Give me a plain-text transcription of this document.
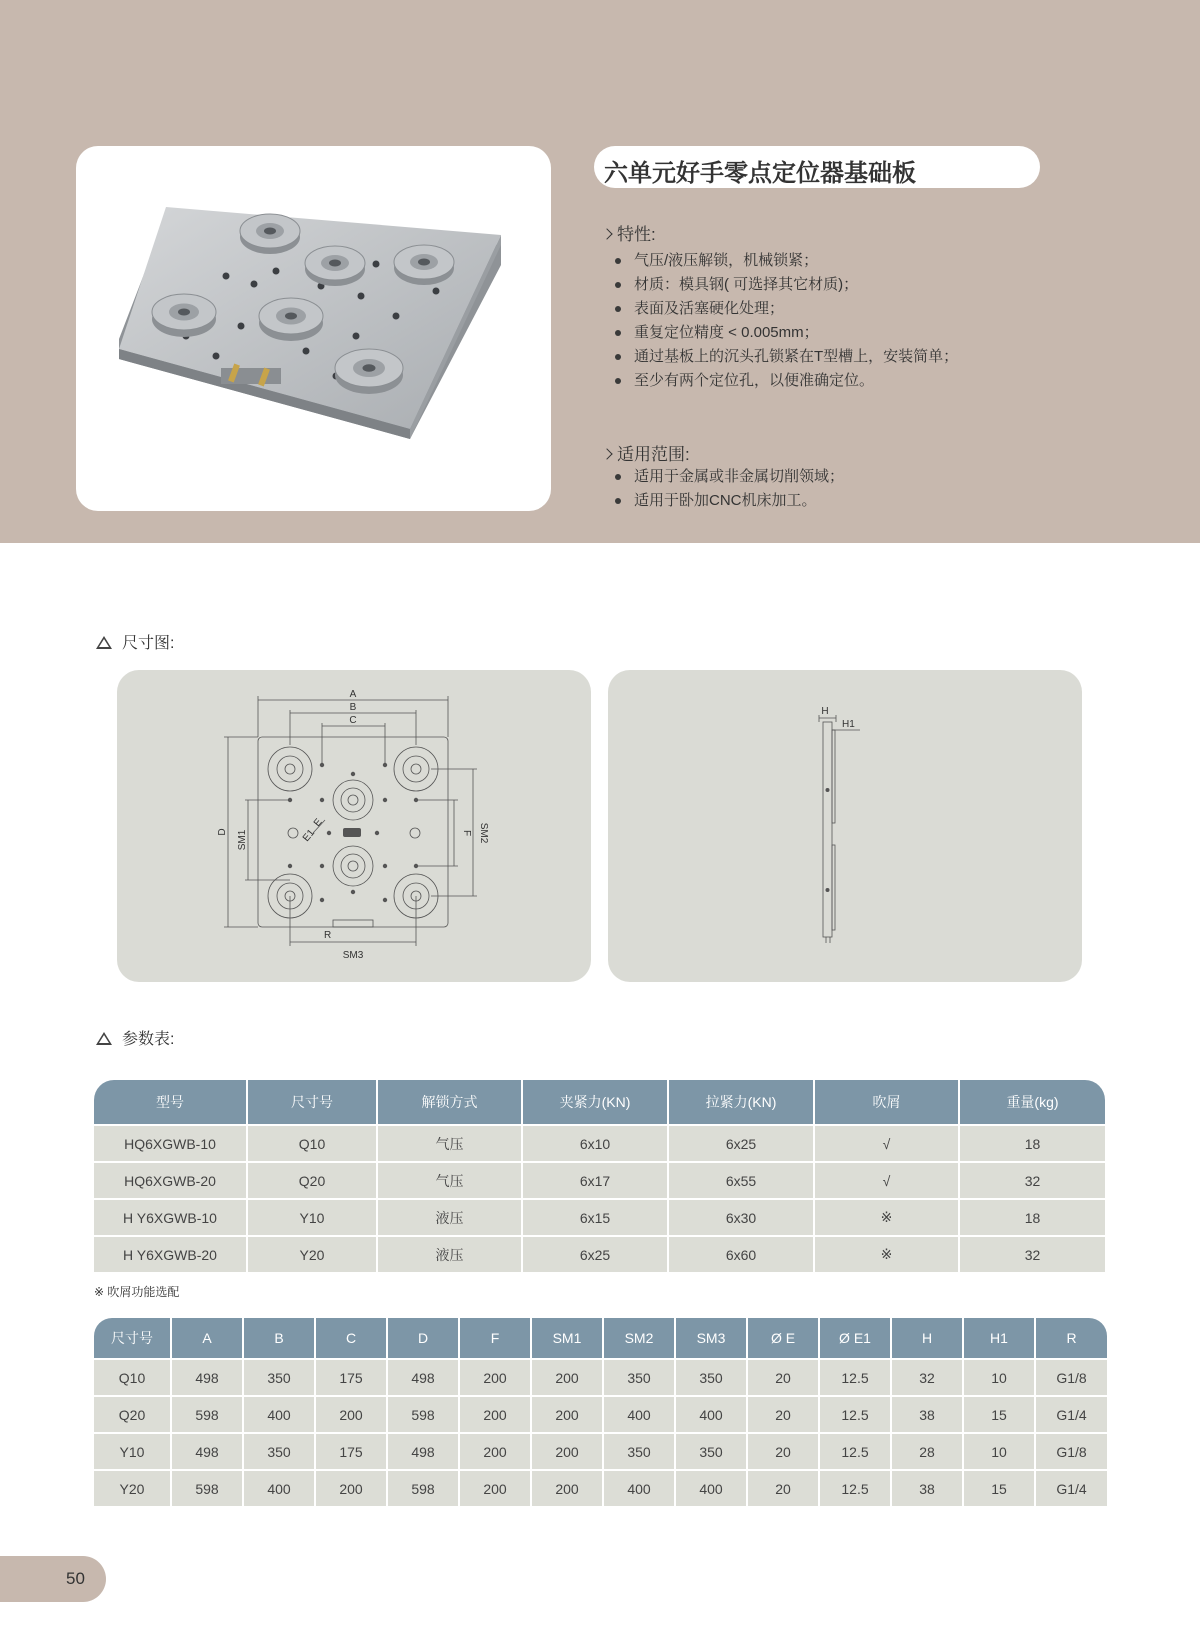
六单元好手零点定位器基础板
特性:
气压/液压解锁，机械锁紧；
材质：模具钢( 可选择其它材质)；
表面及活塞硬化处理；
重复定位精度 < 0.005mm；
通过基板上的沉头孔锁紧在T型槽上，安装简单；
至少有两个定位孔，以便准确定位。
适用范围:
适用于金属或非金属切削领域；
适用于卧加CNC机床加工。
尺寸图:
A
B
C
D SM1	F SM2
SM3
E1
E
R
H
H1
参数表:
型号	尺寸号	解锁方式	夹紧力(KN)	拉紧力(KN)	吹屑	重量(kg)
HQ6XGWB-10	Q10	气压	6x10	6x25	√	18
HQ6XGWB-20	Q20	气压	6x17	6x55	√	32
H Y6XGWB-10	Y10	液压	6x15	6x30	※	18
H Y6XGWB-20	Y20	液压	6x25	6x60	※	32
※ 吹屑功能选配
尺寸号	A	B	C	D	F	SM1	SM2	SM3	Ø E	Ø E1	H	H1	R
Q10	498	350	175	498	200	200	350	350	20	12.5	32	10	G1/8
Q20	598	400	200	598	200	200	400	400	20	12.5	38	15	G1/4
Y10	498	350	175	498	200	200	350	350	20	12.5	28	10	G1/8
Y20	598	400	200	598	200	200	400	400	20	12.5	38	15	G1/4
50
